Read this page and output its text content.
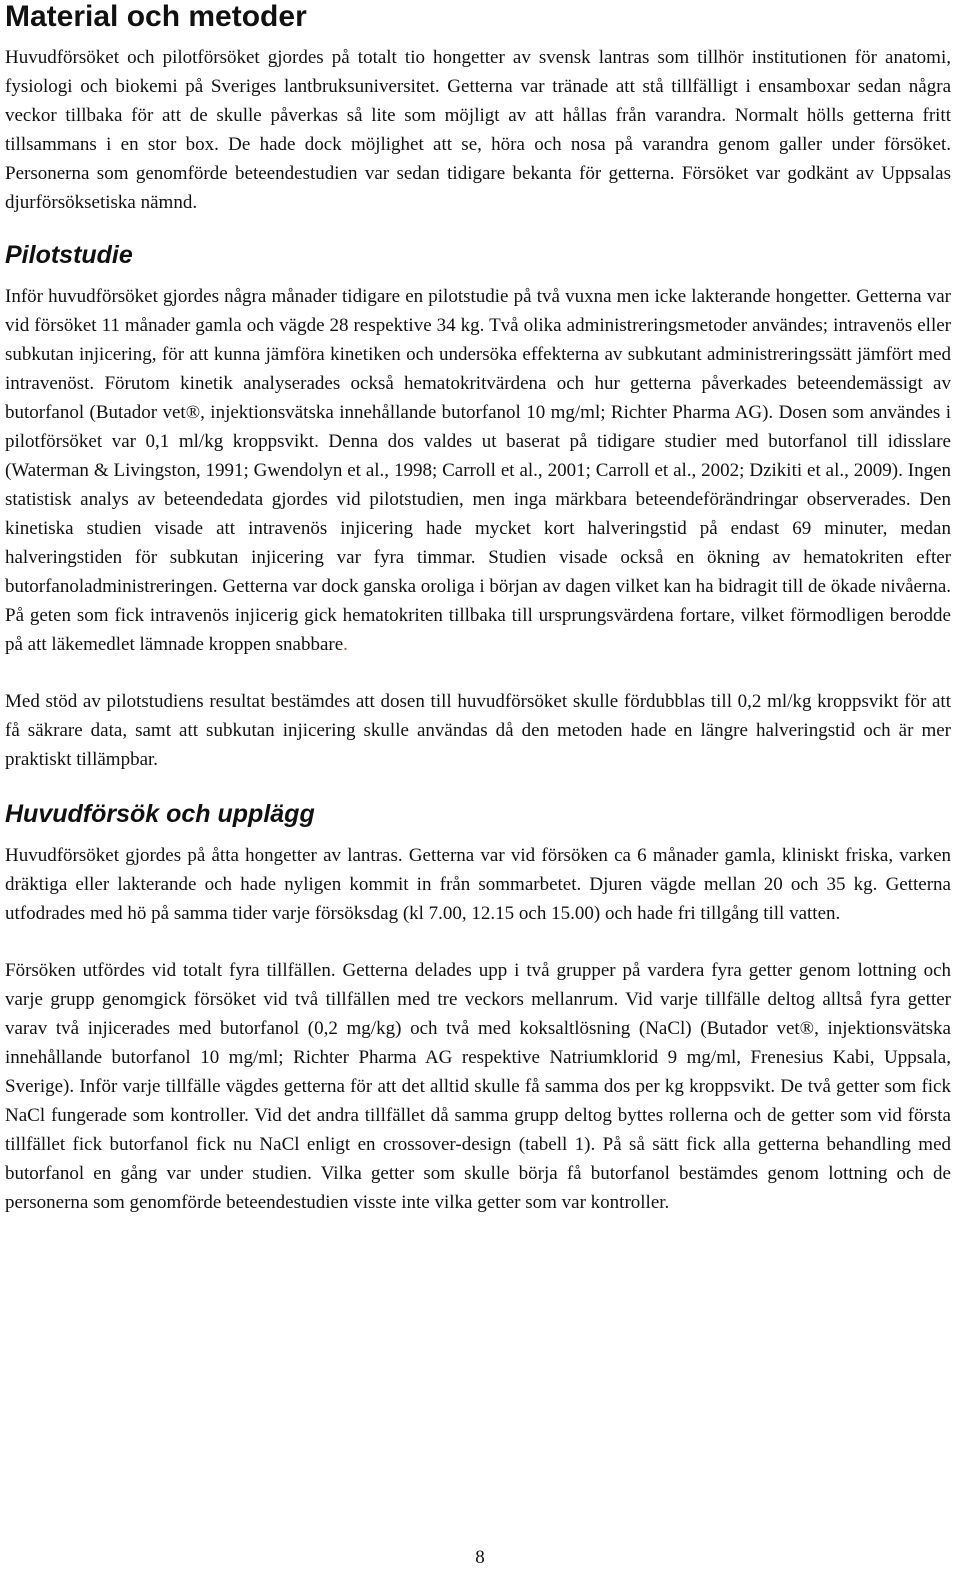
Material och metoder

Huvudförsöket och pilotförsöket gjordes på totalt tio hongetter av svensk lantras som tillhör institutionen för anatomi, fysiologi och biokemi på Sveriges lantbruksuniversitet. Getterna var tränade att stå tillfälligt i ensamboxar sedan några veckor tillbaka för att de skulle påverkas så lite som möjligt av att hållas från varandra. Normalt hölls getterna fritt tillsammans i en stor box. De hade dock möjlighet att se, höra och nosa på varandra genom galler under försöket. Personerna som genomförde beteendestudien var sedan tidigare bekanta för getterna. Försöket var godkänt av Uppsalas djurförsöksetiska nämnd.

Pilotstudie

Inför huvudförsöket gjordes några månader tidigare en pilotstudie på två vuxna men icke lakterande hongetter. Getterna var vid försöket 11 månader gamla och vägde 28 respektive 34 kg. Två olika administreringsmetoder användes; intravenös eller subkutan injicering, för att kunna jämföra kinetiken och undersöka effekterna av subkutant administreringssätt jämfört med intravenöst. Förutom kinetik analyserades också hematokritvärdena och hur getterna påverkades beteendemässigt av butorfanol (Butador vet®, injektionsvätska innehållande butorfanol 10 mg/ml; Richter Pharma AG). Dosen som användes i pilotförsöket var 0,1 ml/kg kroppsvikt. Denna dos valdes ut baserat på tidigare studier med butorfanol till idisslare (Waterman & Livingston, 1991; Gwendolyn et al., 1998; Carroll et al., 2001; Carroll et al., 2002; Dzikiti et al., 2009). Ingen statistisk analys av beteendedata gjordes vid pilotstudien, men inga märkbara beteendeförändringar observerades. Den kinetiska studien visade att intravenös injicering hade mycket kort halveringstid på endast 69 minuter, medan halveringstiden för subkutan injicering var fyra timmar. Studien visade också en ökning av hematokriten efter butorfanoladministreringen. Getterna var dock ganska oroliga i början av dagen vilket kan ha bidragit till de ökade nivåerna. På geten som fick intravenös injicerig gick hematokriten tillbaka till ursprungsvärdena fortare, vilket förmodligen berodde på att läkemedlet lämnade kroppen snabbare.

Med stöd av pilotstudiens resultat bestämdes att dosen till huvudförsöket skulle fördubblas till 0,2 ml/kg kroppsvikt för att få säkrare data, samt att subkutan injicering skulle användas då den metoden hade en längre halveringstid och är mer praktiskt tillämpbar.

Huvudförsök och upplägg

Huvudförsöket gjordes på åtta hongetter av lantras. Getterna var vid försöken ca 6 månader gamla, kliniskt friska, varken dräktiga eller lakterande och hade nyligen kommit in från sommarbetet. Djuren vägde mellan 20 och 35 kg. Getterna utfodrades med hö på samma tider varje försöksdag (kl 7.00, 12.15 och 15.00) och hade fri tillgång till vatten.

Försöken utfördes vid totalt fyra tillfällen. Getterna delades upp i två grupper på vardera fyra getter genom lottning och varje grupp genomgick försöket vid två tillfällen med tre veckors mellanrum. Vid varje tillfälle deltog alltså fyra getter varav två injicerades med butorfanol (0,2 mg/kg) och två med koksaltlösning (NaCl) (Butador vet®, injektionsvätska innehållande butorfanol 10 mg/ml; Richter Pharma AG respektive Natriumklorid 9 mg/ml, Frenesius Kabi, Uppsala, Sverige). Inför varje tillfälle vägdes getterna för att det alltid skulle få samma dos per kg kroppsvikt. De två getter som fick NaCl fungerade som kontroller. Vid det andra tillfället då samma grupp deltog byttes rollerna och de getter som vid första tillfället fick butorfanol fick nu NaCl enligt en crossover-design (tabell 1). På så sätt fick alla getterna behandling med butorfanol en gång var under studien. Vilka getter som skulle börja få butorfanol bestämdes genom lottning och de personerna som genomförde beteendestudien visste inte vilka getter som var kontroller.

8
